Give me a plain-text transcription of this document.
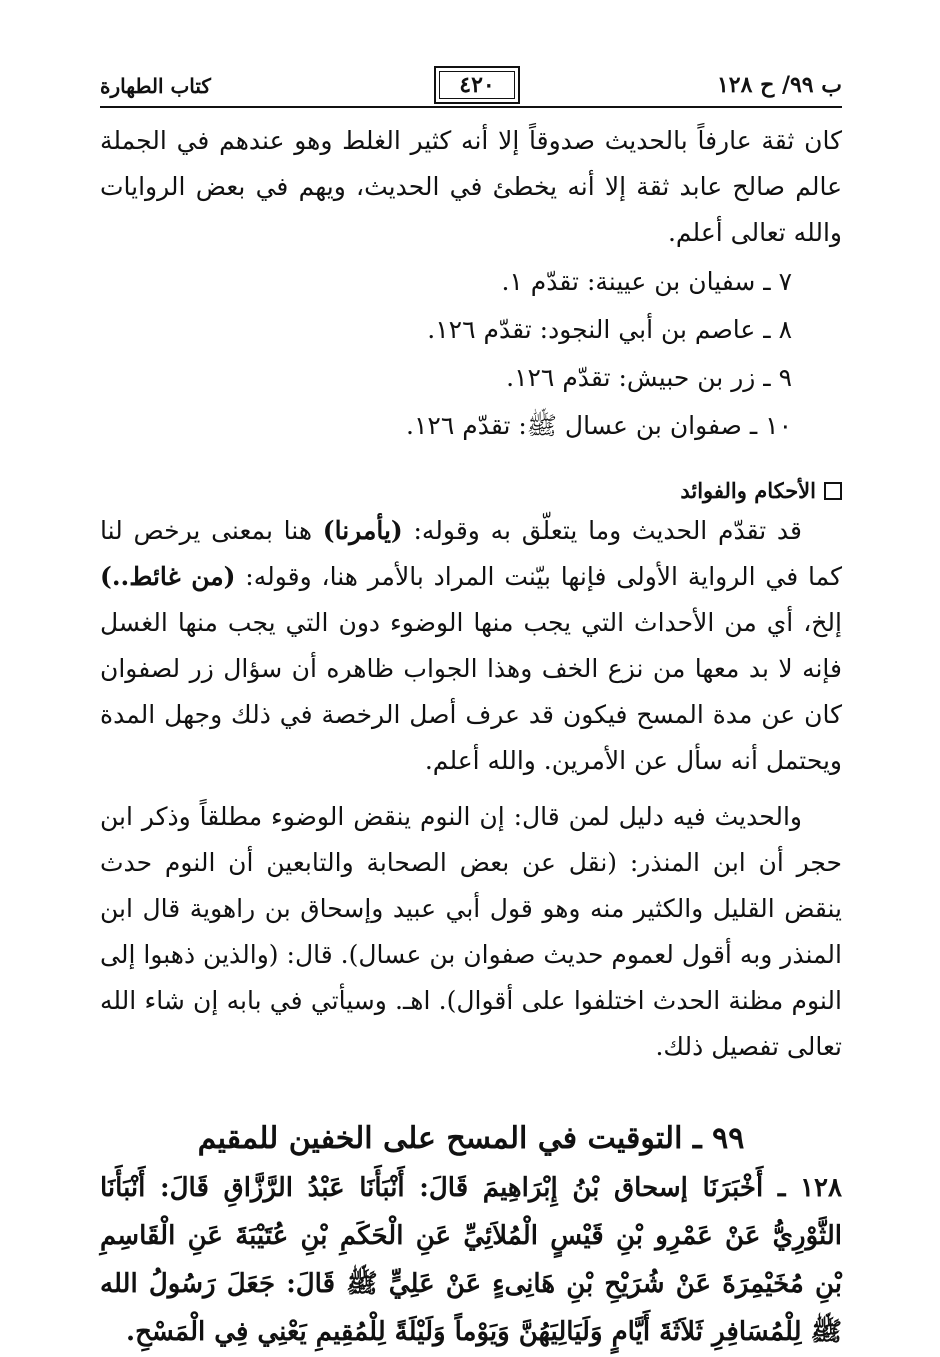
ب ٩٩/ ح ١٢٨
٤٢٠
كتاب الطهارة

كان ثقة عارفاً بالحديث صدوقاً إلا أنه كثير الغلط وهو عندهم في الجملة عالم صالح عابد ثقة إلا أنه يخطئ في الحديث، ويهم في بعض الروايات والله تعالى أعلم.

٧ ـ سفيان بن عيينة: تقدّم ١.
٨ ـ عاصم بن أبي النجود: تقدّم ١٢٦.
٩ ـ زر بن حبيش: تقدّم ١٢٦.
١٠ ـ صفوان بن عسال ﷺ: تقدّم ١٢٦.
الأحكام والفوائد

قد تقدّم الحديث وما يتعلّق به وقوله: (يأمرنا) هنا بمعنى يرخص لنا كما في الرواية الأولى فإنها بيّنت المراد بالأمر هنا، وقوله: (من غائط..) إلخ، أي من الأحداث التي يجب منها الوضوء دون التي يجب منها الغسل فإنه لا بد معها من نزع الخف وهذا الجواب ظاهره أن سؤال زر لصفوان كان عن مدة المسح فيكون قد عرف أصل الرخصة في ذلك وجهل المدة ويحتمل أنه سأل عن الأمرين. والله أعلم.

والحديث فيه دليل لمن قال: إن النوم ينقض الوضوء مطلقاً وذكر ابن حجر أن ابن المنذر: (نقل عن بعض الصحابة والتابعين أن النوم حدث ينقض القليل والكثير منه وهو قول أبي عبيد وإسحاق بن راهوية قال ابن المنذر وبه أقول لعموم حديث صفوان بن عسال). قال: (والذين ذهبوا إلى النوم مظنة الحدث اختلفوا على أقوال). اهـ. وسيأتي في بابه إن شاء الله تعالى تفصيل ذلك.

٩٩ ـ التوقيت في المسح على الخفين للمقيم

١٢٨ ـ أَخْبَرَنَا إسحاق بْنُ إِبْرَاهِيمَ قَالَ: أَنْبَأَنَا عَبْدُ الرَّزَّاقِ قَالَ: أَنْبَأَنَا الثَّوْرِيُّ عَنْ عَمْرِو بْنِ قَيْسٍ الْمُلاَئِيِّ عَنِ الْحَكَمِ بْنِ عُتَيْبَةَ عَنِ الْقَاسِمِ بْنِ مُخَيْمِرَةَ عَنْ شُرَيْحِ بْنِ هَانِىءٍ عَنْ عَلِيٍّ ﷺ قَالَ: جَعَلَ رَسُولُ الله ﷺ لِلْمُسَافِرِ ثَلاَثَةَ أَيَّامٍ وَلَيَالِيَهُنَّ وَيَوْماً وَلَيْلَةً لِلْمُقِيمِ يَعْنِي فِي الْمَسْحِ.
